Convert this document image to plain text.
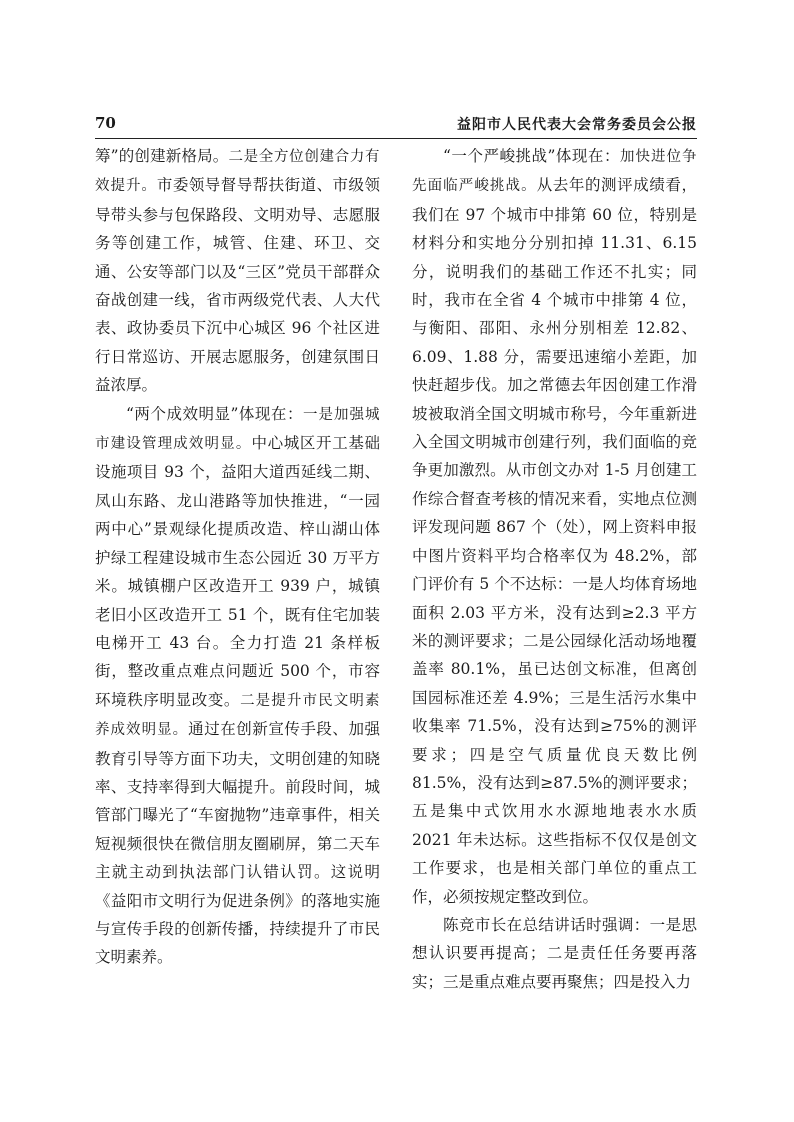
70	益阳市人民代表大会常务委员会公报

筹”的创建新格局。二是全方位创建合力有效提升。市委领导督导帮扶街道、市级领导带头参与包保路段、文明劝导、志愿服务等创建工作，城管、住建、环卫、交通、公安等部门以及“三区”党员干部群众奋战创建一线，省市两级党代表、人大代表、政协委员下沉中心城区 96 个社区进行日常巡访、开展志愿服务，创建氛围日益浓厚。

“两个成效明显”体现在：一是加强城市建设管理成效明显。中心城区开工基础设施项目 93 个，益阳大道西延线二期、凤山东路、龙山港路等加快推进，“一园两中心”景观绿化提质改造、梓山湖山体护绿工程建设城市生态公园近 30 万平方米。城镇棚户区改造开工 939 户，城镇老旧小区改造开工 51 个，既有住宅加装电梯开工 43 台。全力打造 21 条样板街，整改重点难点问题近 500 个，市容环境秩序明显改变。二是提升市民文明素养成效明显。通过在创新宣传手段、加强教育引导等方面下功夫，文明创建的知晓率、支持率得到大幅提升。前段时间，城管部门曝光了“车窗抛物”违章事件，相关短视频很快在微信朋友圈刷屏，第二天车主就主动到执法部门认错认罚。这说明《益阳市文明行为促进条例》的落地实施与宣传手段的创新传播，持续提升了市民文明素养。

“一个严峻挑战”体现在：加快进位争先面临严峻挑战。从去年的测评成绩看，我们在 97 个城市中排第 60 位，特别是材料分和实地分分别扣掉 11.31、6.15 分，说明我们的基础工作还不扎实；同时，我市在全省 4 个城市中排第 4 位，与衡阳、邵阳、永州分别相差 12.82、6.09、1.88 分，需要迅速缩小差距，加快赶超步伐。加之常德去年因创建工作滑坡被取消全国文明城市称号，今年重新进入全国文明城市创建行列，我们面临的竞争更加激烈。从市创文办对 1-5 月创建工作综合督查考核的情况来看，实地点位测评发现问题 867 个（处），网上资料申报中图片资料平均合格率仅为 48.2%，部门评价有 5 个不达标：一是人均体育场地面积 2.03 平方米，没有达到≥2.3 平方米的测评要求；二是公园绿化活动场地覆盖率 80.1%，虽已达创文标准，但离创国园标准还差 4.9%；三是生活污水集中收集率 71.5%，没有达到≥75%的测评要求；四是空气质量优良天数比例 81.5%，没有达到≥87.5%的测评要求；五是集中式饮用水水源地地表水水质 2021 年未达标。这些指标不仅仅是创文工作要求，也是相关部门单位的重点工作，必须按规定整改到位。

陈竞市长在总结讲话时强调：一是思想认识要再提高；二是责任任务要再落实；三是重点难点要再聚焦；四是投入力
